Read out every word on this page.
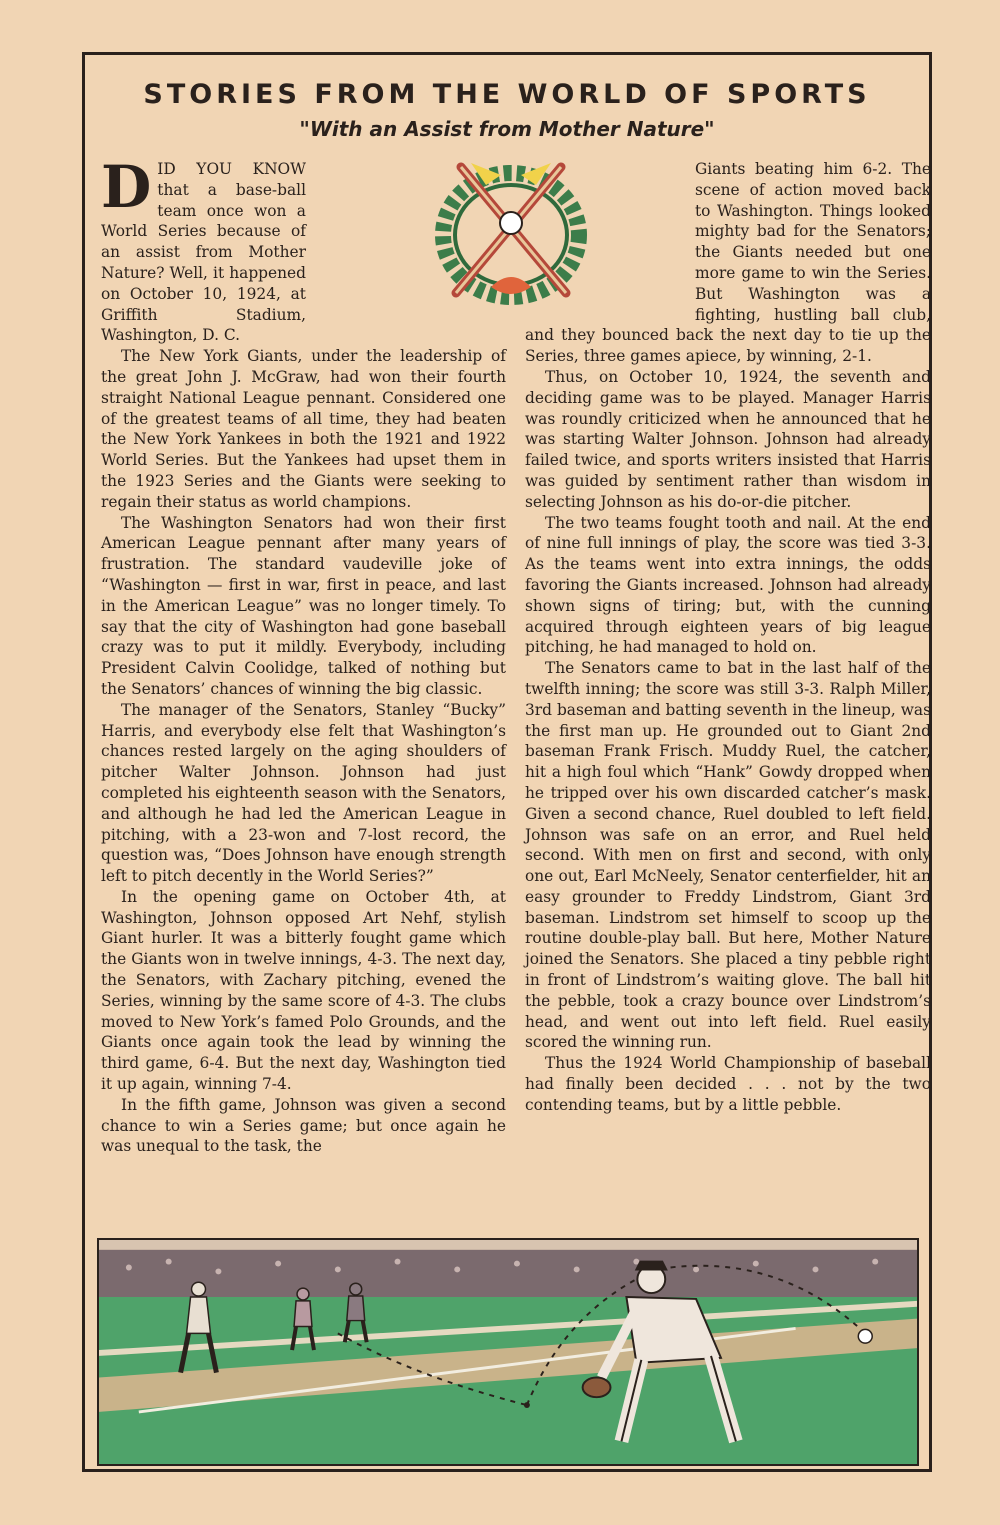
STORIES FROM THE WORLD OF SPORTS
"With an Assist from Mother Nature"

DID YOU KNOW that a base-ball team once won a World Series because of an assist from Mother Nature? Well, it happened on October 10, 1924, at Griffith Stadium, Washington, D. C.

The New York Giants, under the leadership of the great John J. McGraw, had won their fourth straight National League pennant. Considered one of the greatest teams of all time, they had beaten the New York Yankees in both the 1921 and 1922 World Series. But the Yankees had upset them in the 1923 Series and the Giants were seeking to regain their status as world champions.

The Washington Senators had won their first American League pennant after many years of frustration. The standard vaudeville joke of “Washington — first in war, first in peace, and last in the American League” was no longer timely. To say that the city of Washington had gone baseball crazy was to put it mildly. Everybody, including President Calvin Coolidge, talked of nothing but the Senators’ chances of winning the big classic.

The manager of the Senators, Stanley “Bucky” Harris, and everybody else felt that Washington’s chances rested largely on the aging shoulders of pitcher Walter Johnson. Johnson had just completed his eighteenth season with the Senators, and although he had led the American League in pitching, with a 23-won and 7-lost record, the question was, “Does Johnson have enough strength left to pitch decently in the World Series?”

In the opening game on October 4th, at Washington, Johnson opposed Art Nehf, stylish Giant hurler. It was a bitterly fought game which the Giants won in twelve innings, 4-3. The next day, the Senators, with Zachary pitching, evened the Series, winning by the same score of 4-3. The clubs moved to New York’s famed Polo Grounds, and the Giants once again took the lead by winning the third game, 6-4. But the next day, Washington tied it up again, winning 7-4.

In the fifth game, Johnson was given a second chance to win a Series game; but once again he was unequal to the task, the

Giants beating him 6-2. The scene of action moved back to Washington. Things looked mighty bad for the Senators; the Giants needed but one more game to win the Series. But Washington was a fighting, hustling ball club, and they bounced back the next day to tie up the Series, three games apiece, by winning, 2-1.

Thus, on October 10, 1924, the seventh and deciding game was to be played. Manager Harris was roundly criticized when he announced that he was starting Walter Johnson. Johnson had already failed twice, and sports writers insisted that Harris was guided by sentiment rather than wisdom in selecting Johnson as his do-or-die pitcher.

The two teams fought tooth and nail. At the end of nine full innings of play, the score was tied 3-3. As the teams went into extra innings, the odds favoring the Giants increased. Johnson had already shown signs of tiring; but, with the cunning acquired through eighteen years of big league pitching, he had managed to hold on.

The Senators came to bat in the last half of the twelfth inning; the score was still 3-3. Ralph Miller, 3rd baseman and batting seventh in the lineup, was the first man up. He grounded out to Giant 2nd baseman Frank Frisch. Muddy Ruel, the catcher, hit a high foul which “Hank” Gowdy dropped when he tripped over his own discarded catcher’s mask. Given a second chance, Ruel doubled to left field. Johnson was safe on an error, and Ruel held second. With men on first and second, with only one out, Earl McNeely, Senator centerfielder, hit an easy grounder to Freddy Lindstrom, Giant 3rd baseman. Lindstrom set himself to scoop up the routine double-play ball. But here, Mother Nature joined the Senators. She placed a tiny pebble right in front of Lindstrom’s waiting glove. The ball hit the pebble, took a crazy bounce over Lindstrom’s head, and went out into left field. Ruel easily scored the winning run.

Thus the 1924 World Championship of baseball had finally been decided . . . not by the two contending teams, but by a little pebble.
